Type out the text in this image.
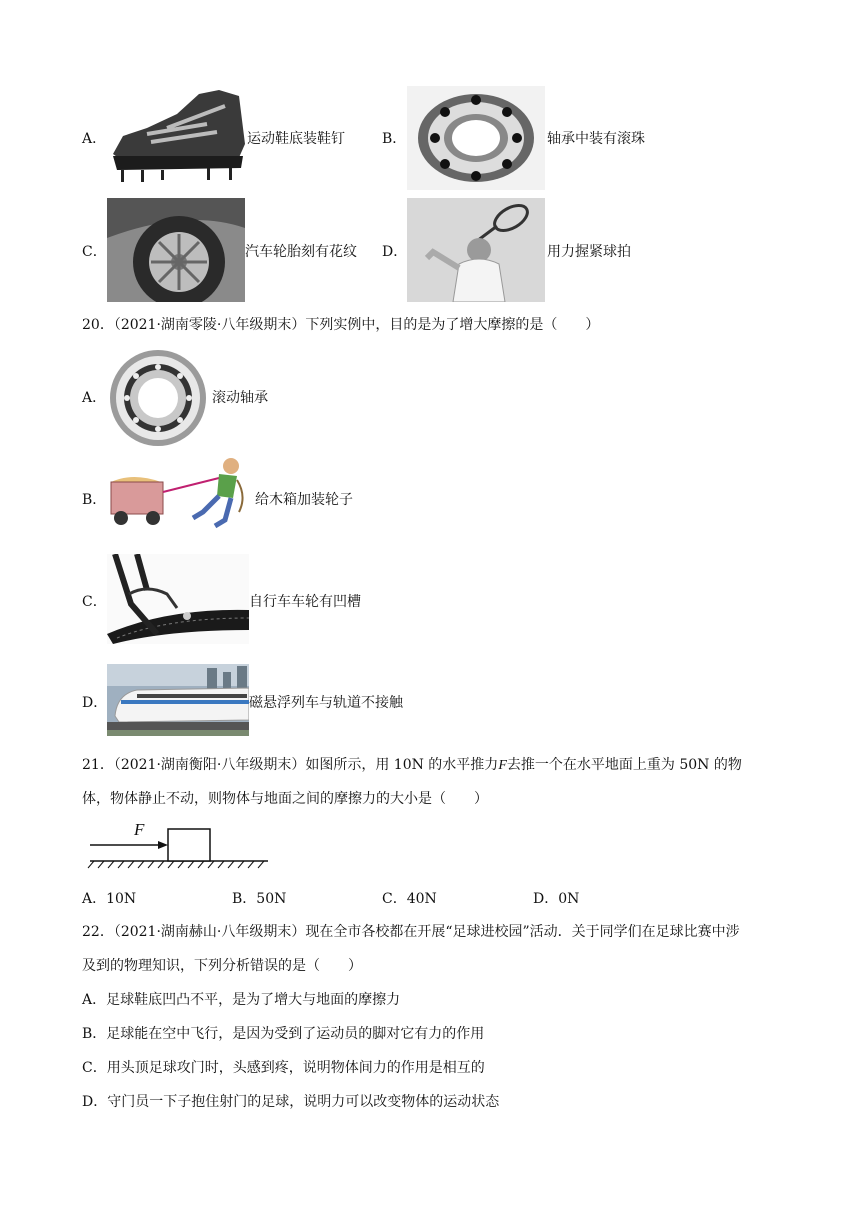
A．	运动鞋底装鞋钉	B．	轴承中装有滚珠
C．	汽车轮胎刻有花纹 D．	用力握紧球拍
20．（2021·湖南零陵·八年级期末）下列实例中，目的是为了增大摩擦的是（　　）
A．	滚动轴承
B．	给木箱加装轮子
C．	自行车车轮有凹槽
D．	磁悬浮列车与轨道不接触
21．（2021·湖南衡阳·八年级期末）如图所示，用 10N 的水平推力F去推一个在水平地面上重为 50N 的物
体，物体静止不动，则物体与地面之间的摩擦力的大小是（　　）
F
A．10N	B．50N	C．40N	D．0N
22．（2021·湖南赫山·八年级期末）现在全市各校都在开展“足球进校园”活动．关于同学们在足球比赛中涉
及到的物理知识，下列分析错误的是（　　）
A．足球鞋底凹凸不平，是为了增大与地面的摩擦力
B．足球能在空中飞行，是因为受到了运动员的脚对它有力的作用
C．用头顶足球攻门时，头感到疼，说明物体间力的作用是相互的
D．守门员一下子抱住射门的足球，说明力可以改变物体的运动状态
